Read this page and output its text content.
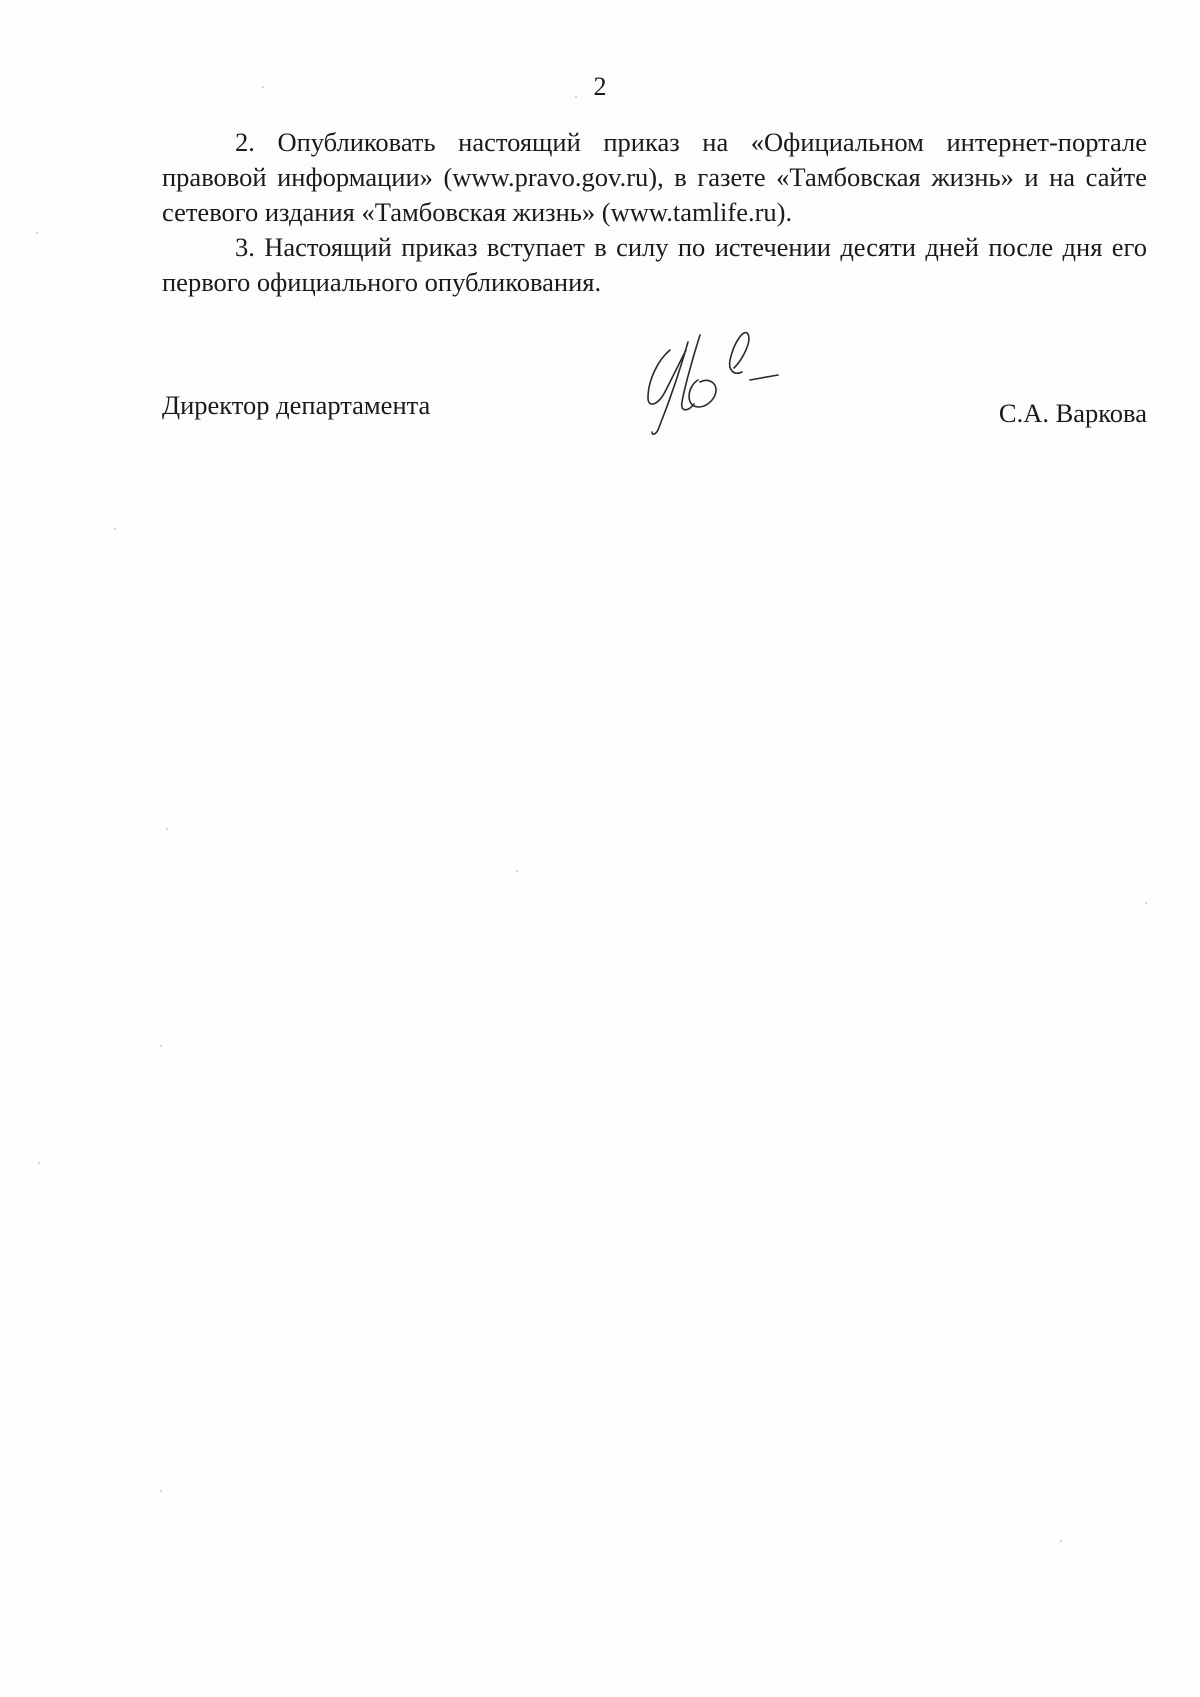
2

2. Опубликовать настоящий приказ на «Официальном интернет-портале правовой информации» (www.pravo.gov.ru), в газете «Тамбовская жизнь» и на сайте сетевого издания «Тамбовская жизнь» (www.tamlife.ru).

3. Настоящий приказ вступает в силу по истечении десяти дней после дня его первого официального опубликования.

Директор департамента	С.А. Варкова
